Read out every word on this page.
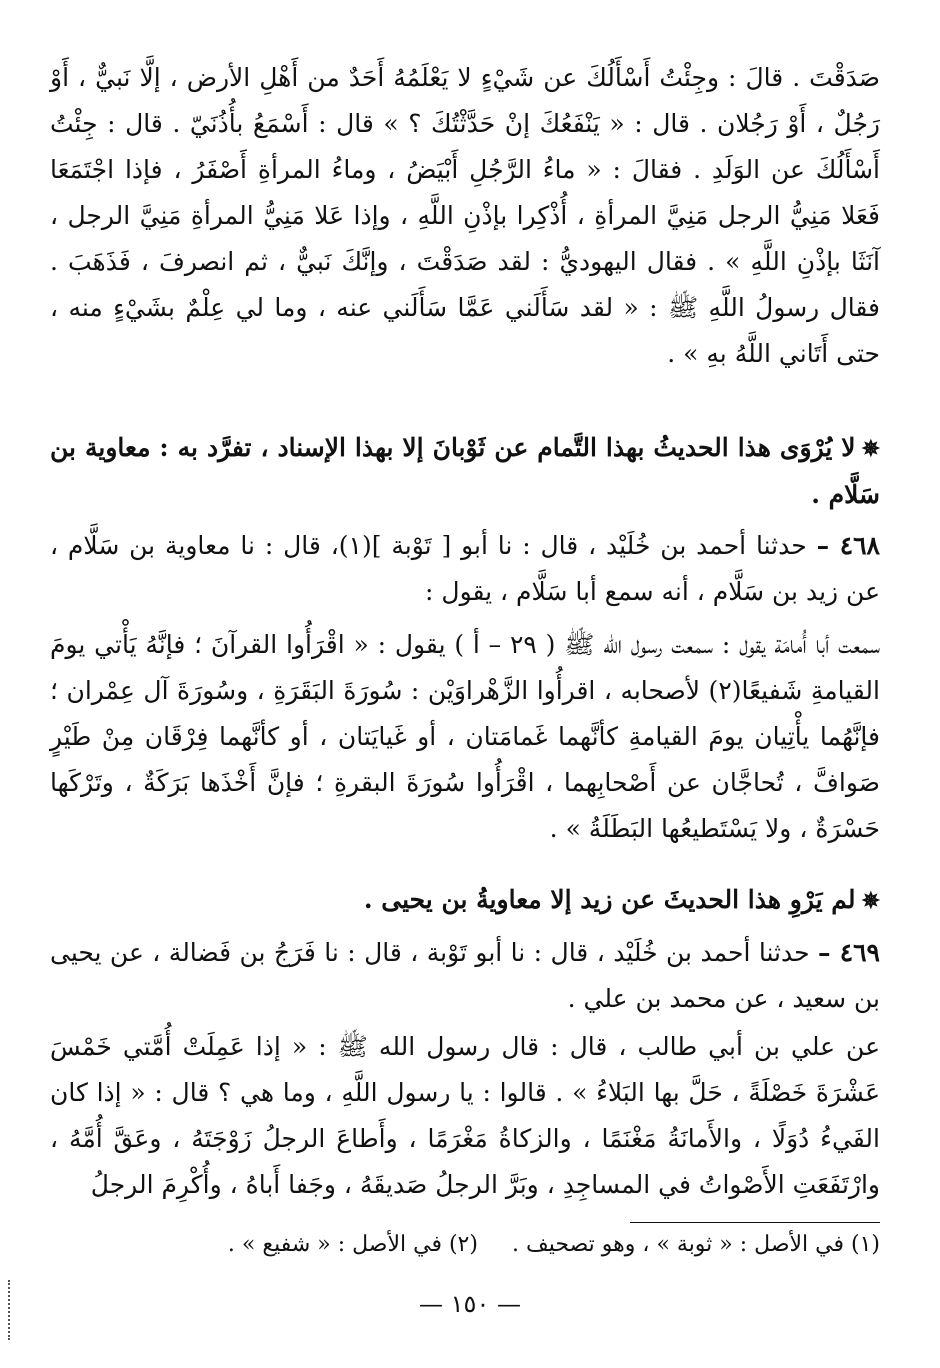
صَدَقْتَ . قالَ : وجِئْتُ أَسْأَلُكَ عن شَيْءٍ لا يَعْلَمُهُ أَحَدٌ من أَهْلِ الأرض ، إلَّا نَبيٌّ ، أَوْ رَجُلٌ ، أَوْ رَجُلان . قال : « يَنْفَعُكَ إنْ حَدَّثْتُكَ ؟ » قال : أَسْمَعُ بأُذُنَيّ . قال : جِئْتُ أَسْأَلُكَ عن الوَلَدِ . فقالَ : « ماءُ الرَّجُلِ أَبْيَضُ ، وماءُ المرأةِ أَصْفَرُ ، فإذا اجْتَمَعَا فَعَلا مَنِيُّ الرجل مَنِيَّ المرأةِ ، أُذْكِرا بإذْنِ اللَّهِ ، وإذا عَلا مَنِيُّ المرأةِ مَنِيَّ الرجل ، آنَثَا بإذْنِ اللَّهِ » . فقال اليهوديُّ : لقد صَدَقْتَ ، وإنَّكَ نَبيٌّ ، ثم انصرفَ ، فَذَهَبَ . فقال رسولُ اللَّهِ ﷺ : « لقد سَأَلَني عَمَّا سَأَلَني عنه ، وما لي عِلْمٌ بشَيْءٍ منه ، حتى أَتَاني اللَّهُ بهِ » .
✵لا يُرْوَى هذا الحديثُ بهذا التَّمام عن ثَوْبانَ إلا بهذا الإسناد ، تفرَّد به : معاوية بن سَلَّام .
٤٦٨ – حدثنا أحمد بن خُلَيْد ، قال : نا أبو [ تَوْبة ](١)، قال : نا معاوية بن سَلَّام ، عن زيد بن سَلَّام ، أنه سمع أبا سَلَّام ، يقول :
سمعت أبا أُمامَة يقول : سمعت رسول الله ﷺ ( ٢٩ – أ ) يقول : « اقْرَأُوا القرآنَ ؛ فإنَّهُ يَأْتي يومَ القيامةِ شَفيعًا(٢) لأصحابه ، اقرأُوا الزَّهْراوَيْن : سُورَةَ البَقَرَةِ ، وسُورَةَ آل عِمْران ؛ فإنَّهُما يأْتِيان يومَ القيامةِ كأنَّهما غَمامَتان ، أو غَيايَتان ، أو كأنَّهما فِرْقَان مِنْ طَيْرٍ صَوافَّ ، تُحاجَّان عن أَصْحابِهما ، اقْرَأُوا سُورَةَ البقرةِ ؛ فإنَّ أَخْذَها بَرَكَةٌ ، وتَرْكَها حَسْرَةٌ ، ولا يَسْتَطيعُها البَطَلَةُ » .
✵لم يَرْوِ هذا الحديثَ عن زيد إلا معاويةُ بن يحيى .
٤٦٩ – حدثنا أحمد بن خُلَيْد ، قال : نا أبو تَوْبة ، قال : نا فَرَجُ بن فَضالة ، عن يحيى بن سعيد ، عن محمد بن علي .
عن علي بن أبي طالب ، قال : قال رسول الله ﷺ : « إذا عَمِلَتْ أُمَّتي خَمْسَ عَشْرَةَ خَصْلَةً ، حَلَّ بها البَلاءُ » . قالوا : يا رسول اللَّهِ ، وما هي ؟ قال : « إذا كان الفَيءُ دُوَلًا ، والأَمانَةُ مَغْنَمًا ، والزكاةُ مَغْرَمًا ، وأَطاعَ الرجلُ زَوْجَتَهُ ، وعَقَّ أُمَّهُ ، وارْتَفَعَتِ الأَصْواتُ في المساجِدِ ، وبَرَّ الرجلُ صَديقَهُ ، وجَفا أَباهُ ، وأُكْرِمَ الرجلُ
(١) في الأصل : « ثوبة » ، وهو تصحيف .(٢) في الأصل : « شفيع » .
— ١٥٠ —
